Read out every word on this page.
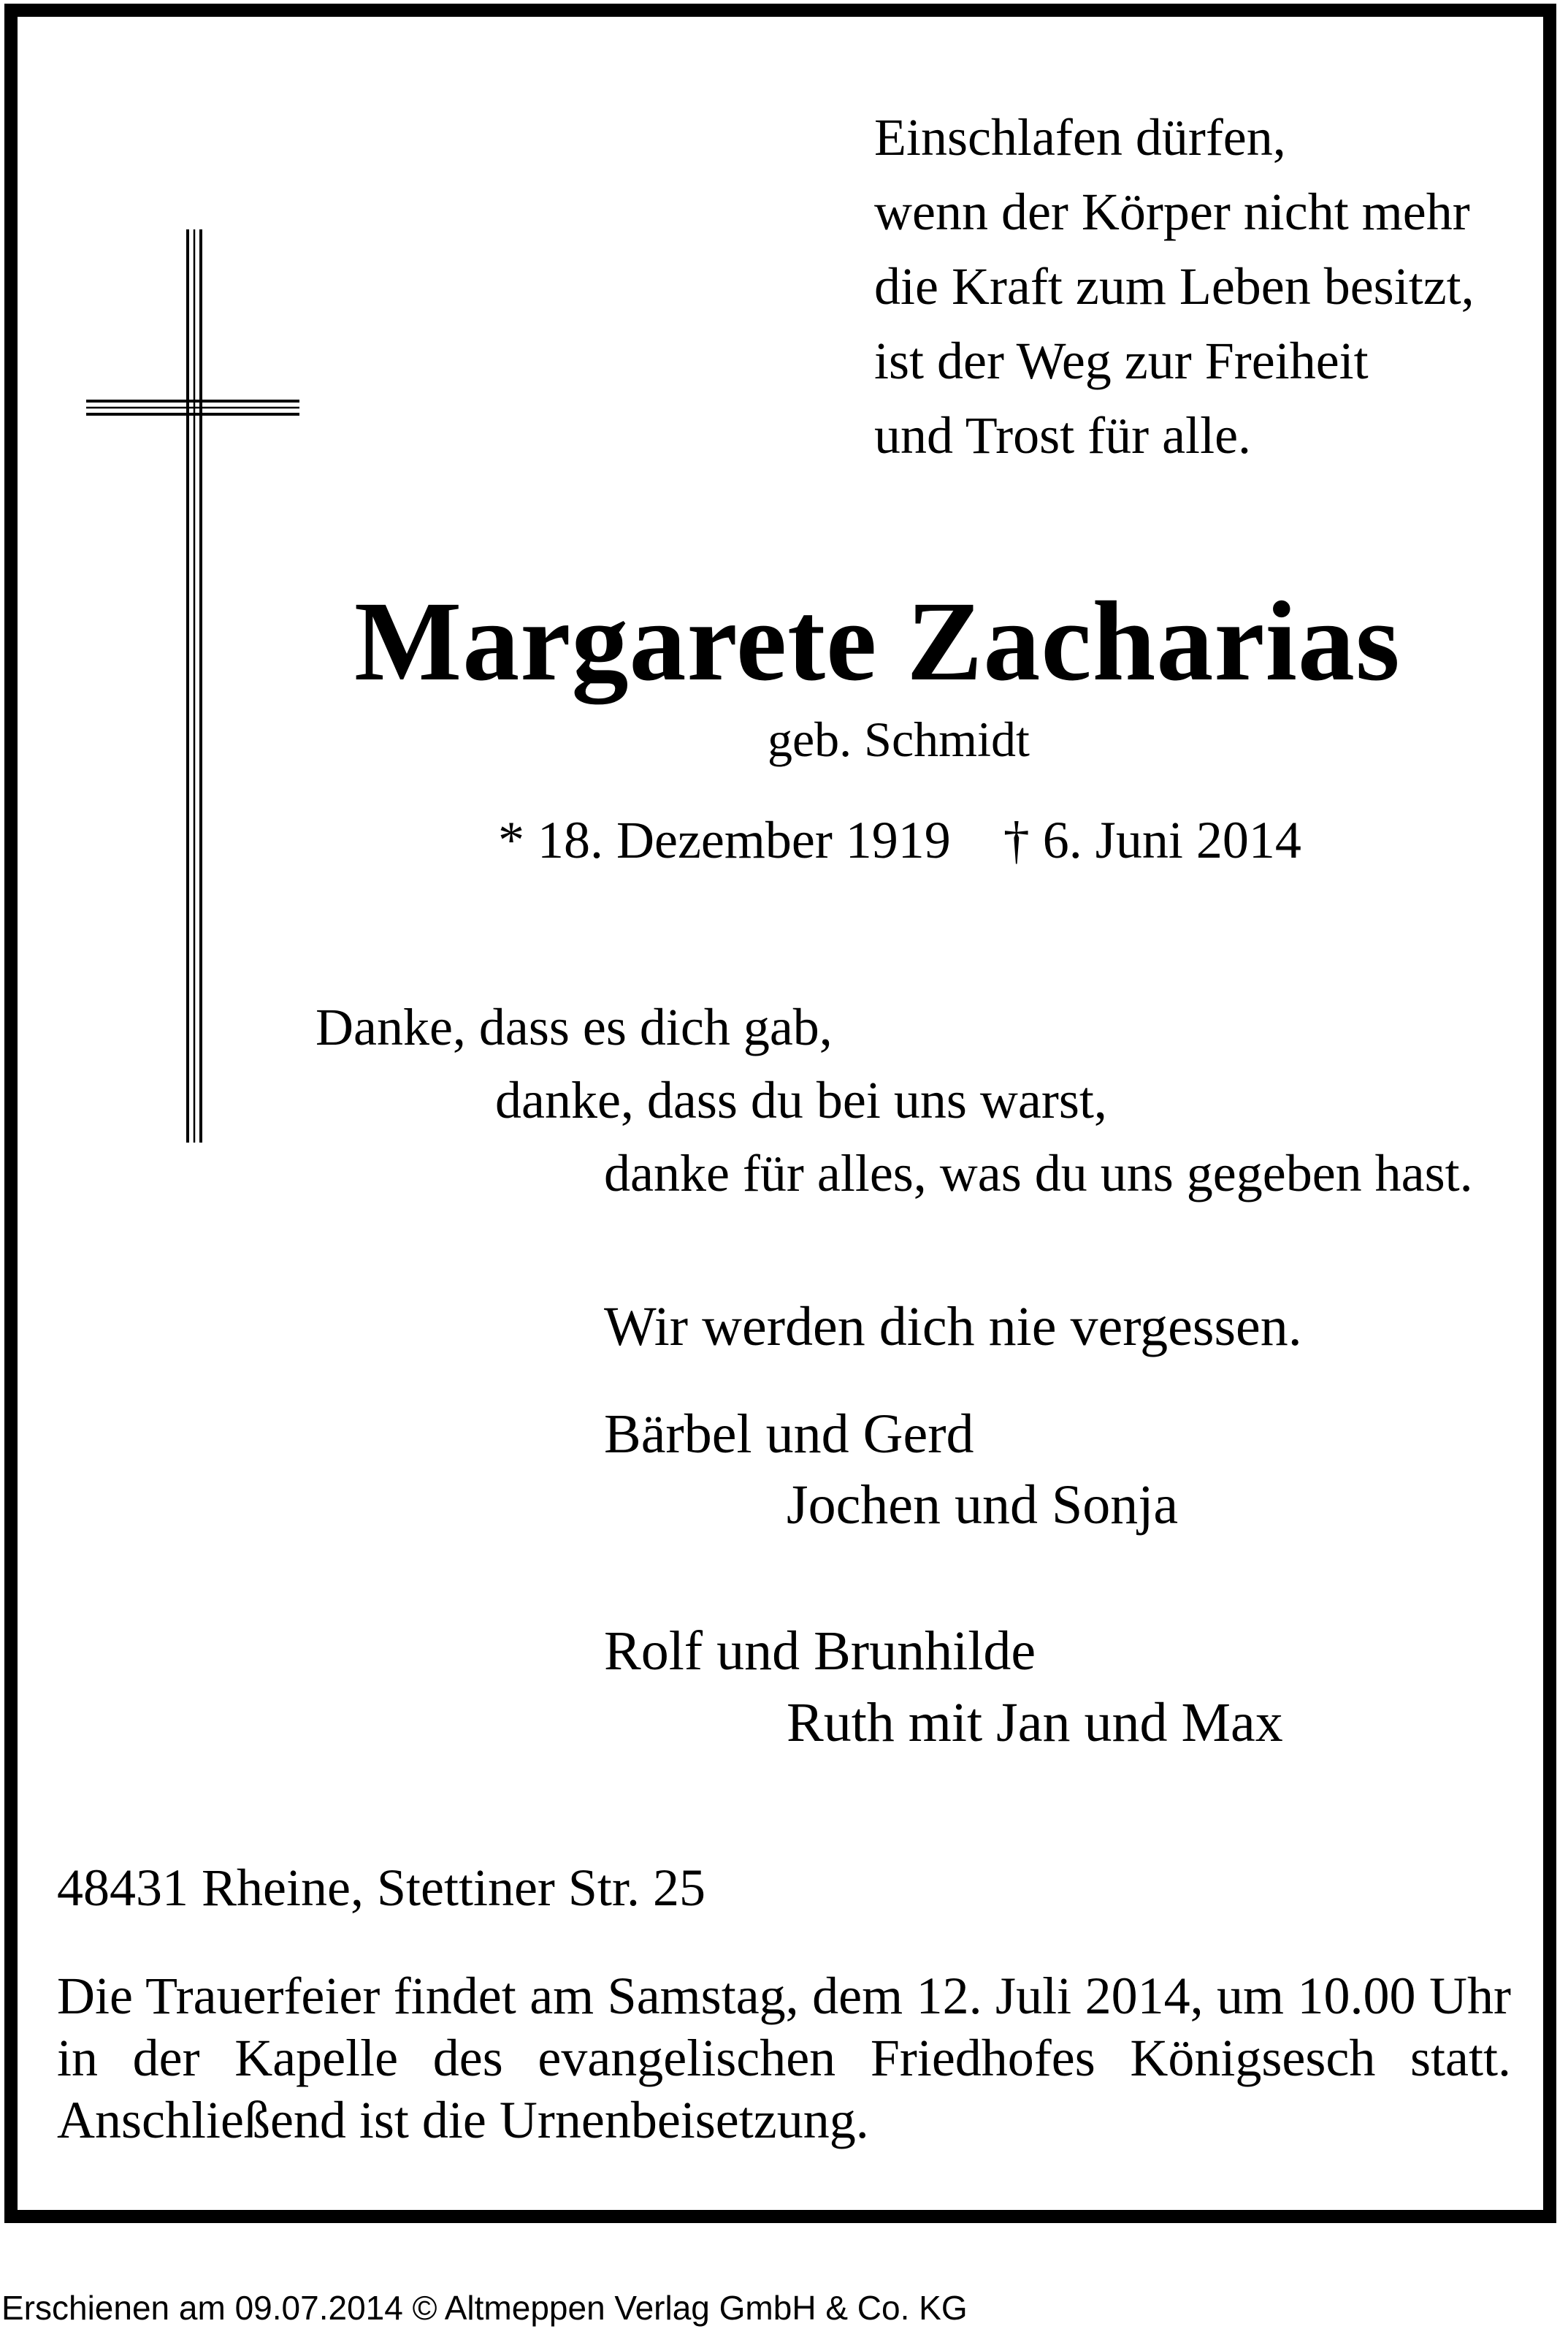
Einschlafen dürfen,
wenn der Körper nicht mehr
die Kraft zum Leben besitzt,
ist der Weg zur Freiheit
und Trost für alle.
Margarete Zacharias
geb. Schmidt
* 18. Dezember 1919    † 6. Juni 2014
Danke, dass es dich gab,
danke, dass du bei uns warst,
danke für alles, was du uns gegeben hast.
Wir werden dich nie vergessen.
Bärbel und Gerd
Jochen und Sonja
Rolf und Brunhilde
Ruth mit Jan und Max
48431 Rheine, Stettiner Str. 25
Die Trauerfeier findet am Samstag, dem 12. Juli 2014, um 10.00 Uhr in der Kapelle des evangelischen Friedhofes Königsesch statt. Anschließend ist die Urnenbeisetzung.
Erschienen am 09.07.2014 © Altmeppen Verlag GmbH & Co. KG
